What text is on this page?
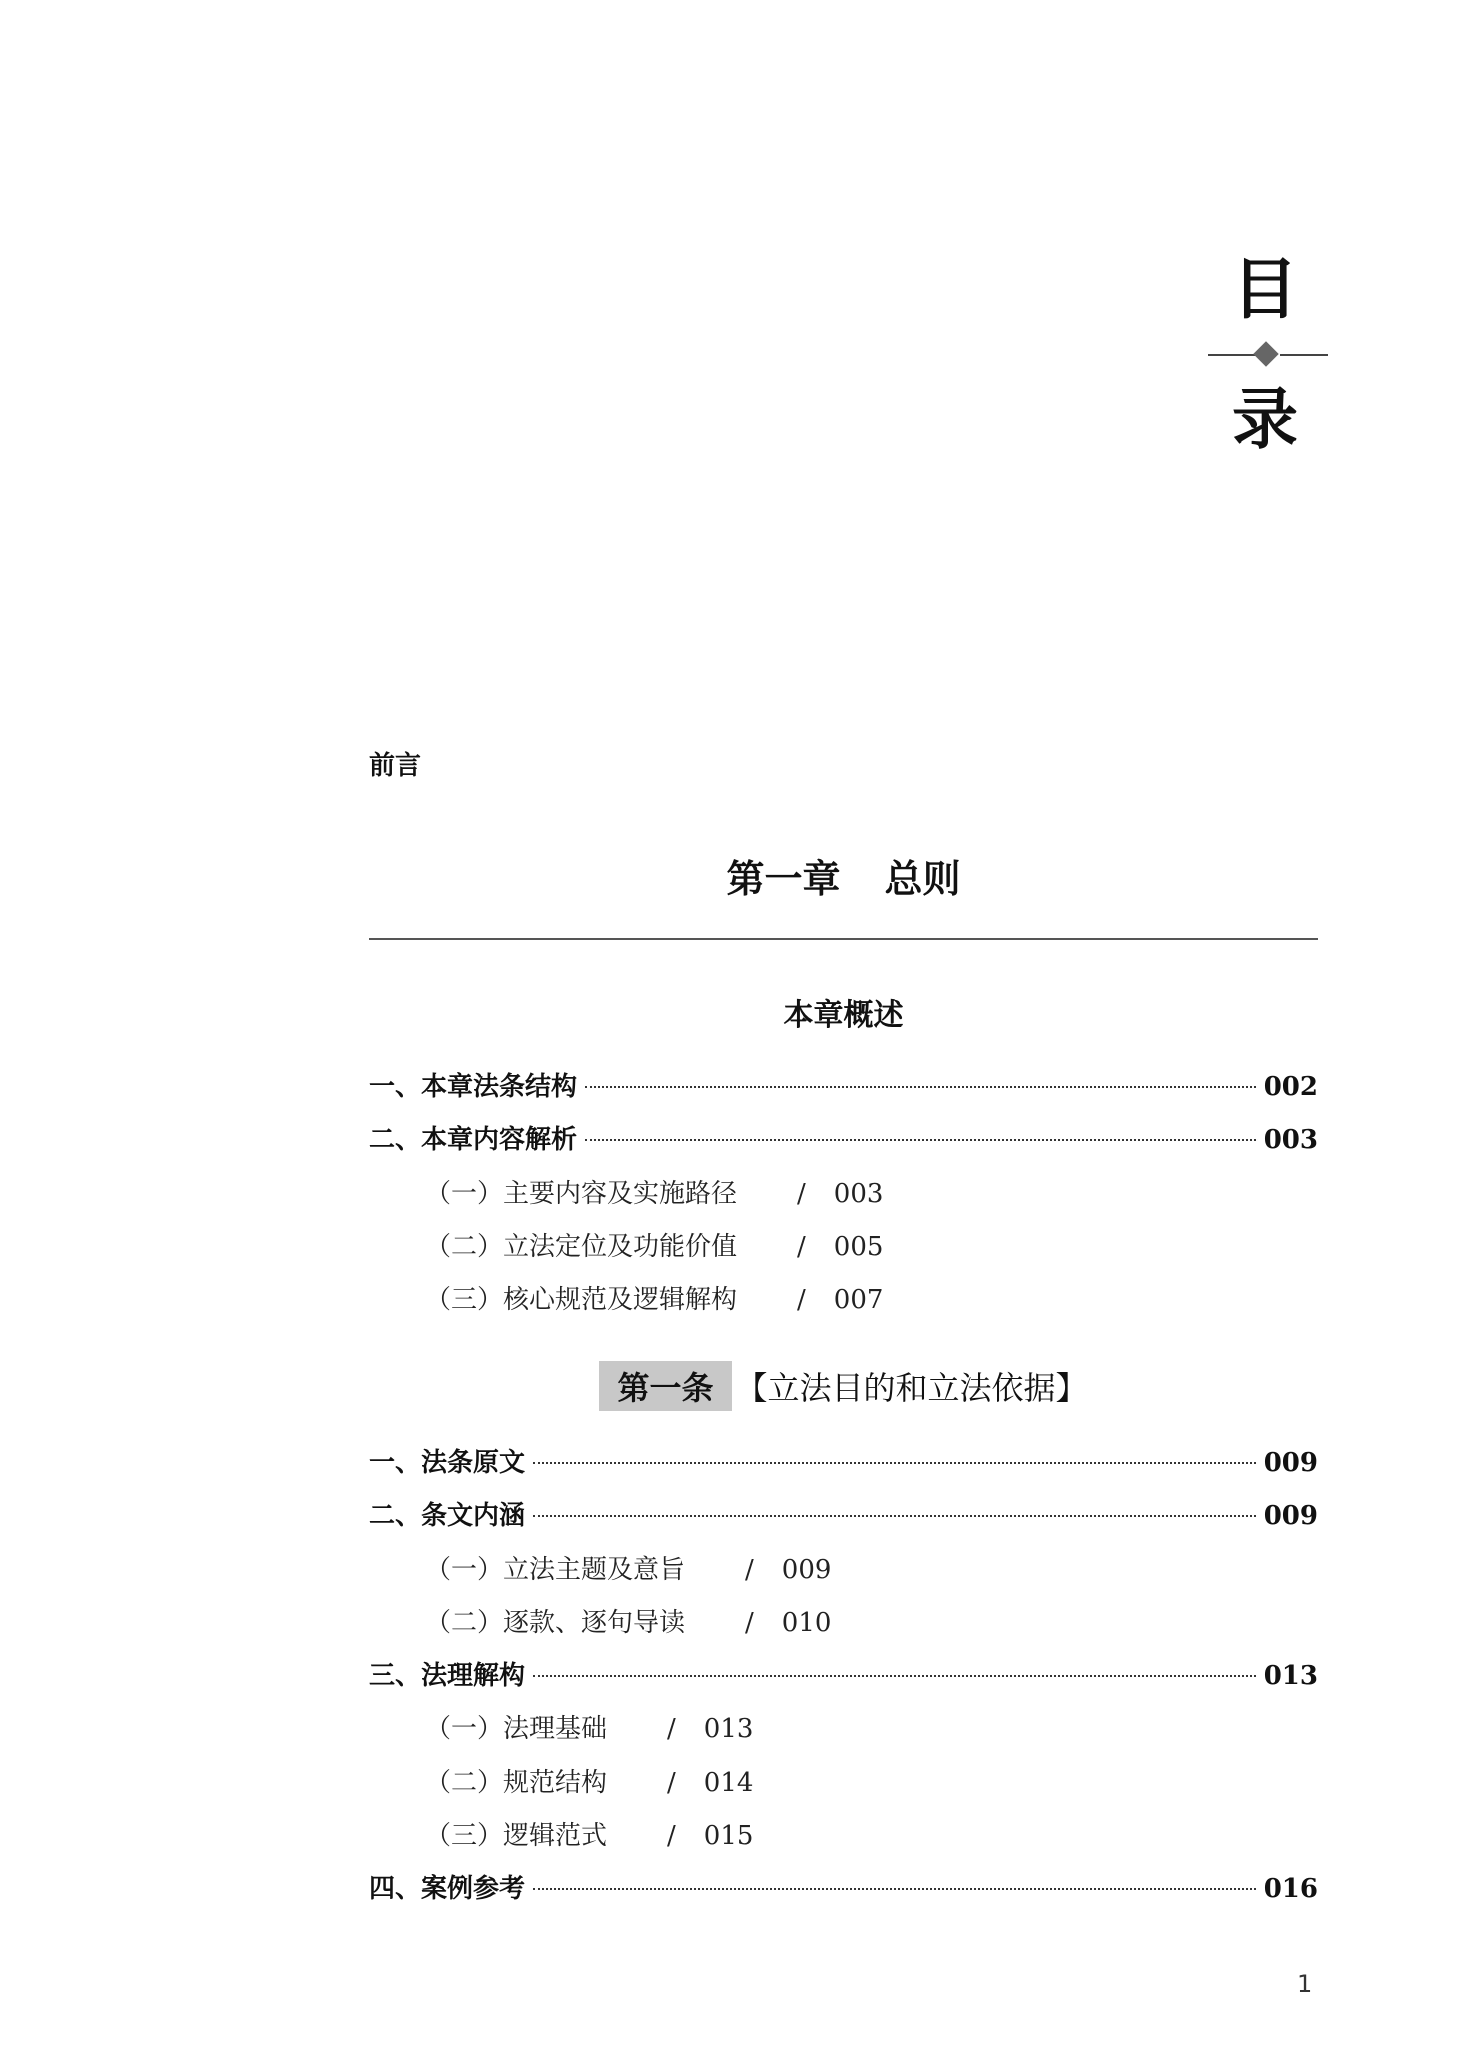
目
录
前言
第一章 总则
本章概述
一、本章法条结构	002
二、本章内容解析	003
（一）主要内容及实施路径 / 003
（二）立法定位及功能价值 / 005
（三）核心规范及逻辑解构 / 007
第一条 【立法目的和立法依据】
一、法条原文	009
二、条文内涵	009
（一）立法主题及意旨 / 009
（二）逐款、逐句导读 / 010
三、法理解构	013
（一）法理基础 / 013
（二）规范结构 / 014
（三）逻辑范式 / 015
四、案例参考	016
1
